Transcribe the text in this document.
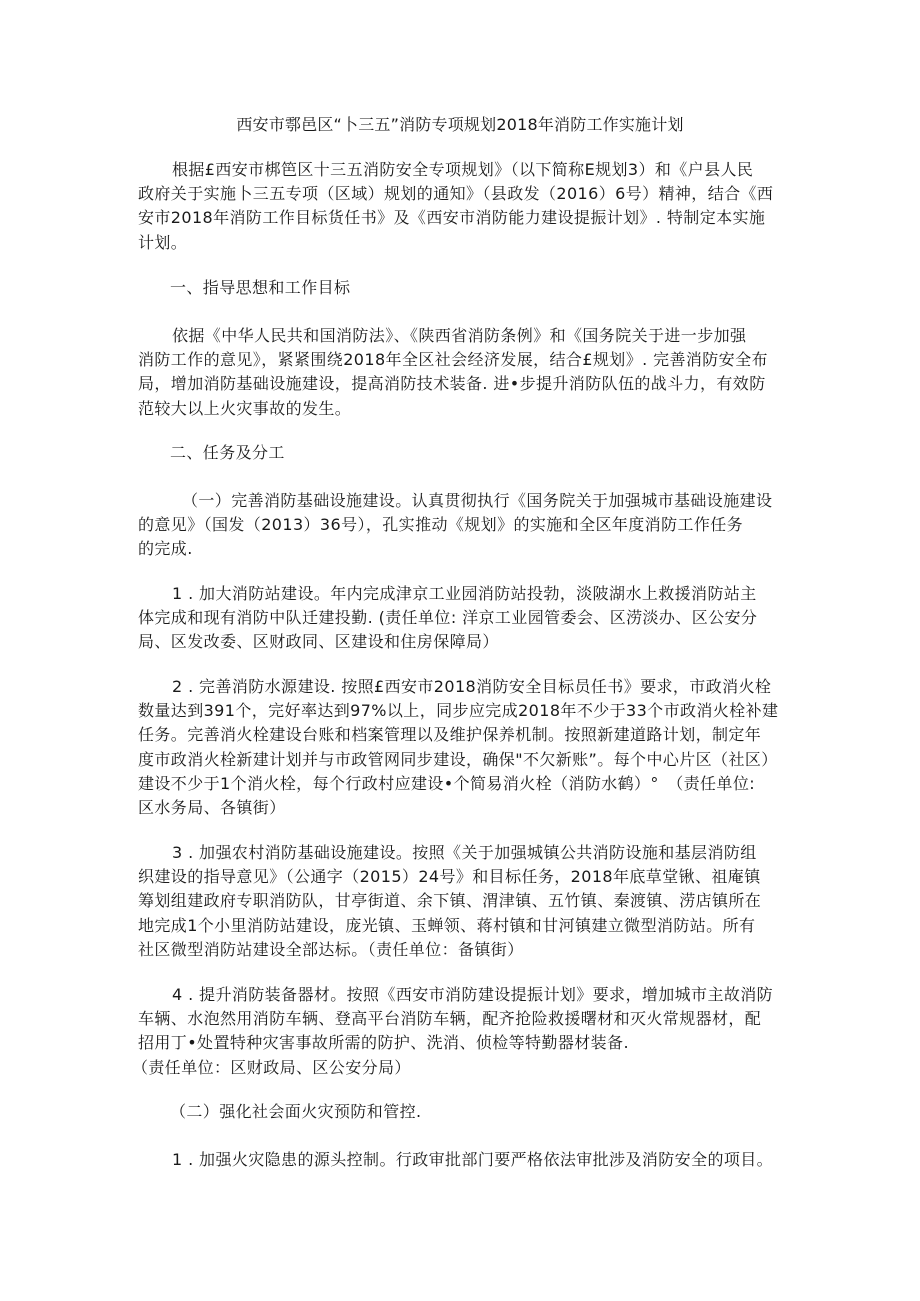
西安市鄠邑区“卜三五”消防专项规划2018年消防工作实施计划
根据£西安市梆笆区十三五消防安全专项规划》（以下简称E规划3）和《户县人民
政府关于实施卜三五专项（区域）规划的通知》（县政发（2016）6号）精神，结合《西
安市2018年消防工作目标货任书》及《西安市消防能力建设提振计划》. 特制定本实施
计划。
一、指导思想和工作目标
依据《中华人民共和国消防法》、《陕西省消防条例》和《国务院关于进一步加强
消防工作的意见》，紧紧围绕2018年全区社会经济发展，结合£规划》. 完善消防安全布
局，增加消防基础设施建设，提高消防技术装备. 进•步提升消防队伍的战斗力，有效防
范较大以上火灾事故的发生。
二、任务及分工
（一）完善消防基础设施建设。认真贯彻执行《国务院关于加强城市基础设施建设
的意见》（国发（2013）36号），孔实推动《规划》的实施和全区年度消防工作任务
的完成.
1 . 加大消防站建设。年内完成津京工业园消防站投勃，淡陂湖水上救援消防站主
体完成和现有消防中队迁建投勤. (责任单位: 洋京工业园管委会、区涝淡办、区公安分
局、区发改委、区财政同、区建设和住房保障局）
2 . 完善消防水源建设. 按照£西安市2018消防安全目标员任书》要求，市政消火栓
数量达到391个，完好率达到97%以上，同步应完成2018年不少于33个市政消火栓补建
任务。完善消火栓建设台账和档案管理以及维护保养机制。按照新建道路计划，制定年
度市政消火栓新建计划并与市政管网同步建设，确保"不欠新账”。每个中心片区（社区）
建设不少于1个消火栓，每个行政村应建设•个简易消火栓（消防水鹤）°　（责任单位:
区水务局、各镇街）
3 . 加强农村消防基础设施建设。按照《关于加强城镇公共消防设施和基层消防组
织建设的指导意见》（公通字（2015）24号》和目标任务，2018年底草堂锹、祖庵镇
筹划组建政府专职消防队，甘亭街道、余下镇、渭津镇、五竹镇、秦渡镇、涝店镇所在
地完成1个小里消防站建设，庞光镇、玉蝉领、蒋村镇和甘河镇建立微型消防站。所有
社区微型消防站建设全部达标。（责任单位：备镇街）
4 . 提升消防装备器材。按照《西安市消防建设提振计划》要求，增加城市主故消防
车辆、水泡然用消防车辆、登高平台消防车辆，配齐抢险救援曙材和灭火常规器材，配
招用丁•处置特种灾害事故所需的防护、洗消、侦检等特勤器材装备.
（责任单位：区财政局、区公安分局）
（二）强化社会面火灾预防和管控.
1 . 加强火灾隐患的源头控制。行政审批部门要严格依法审批涉及消防安全的项目。
